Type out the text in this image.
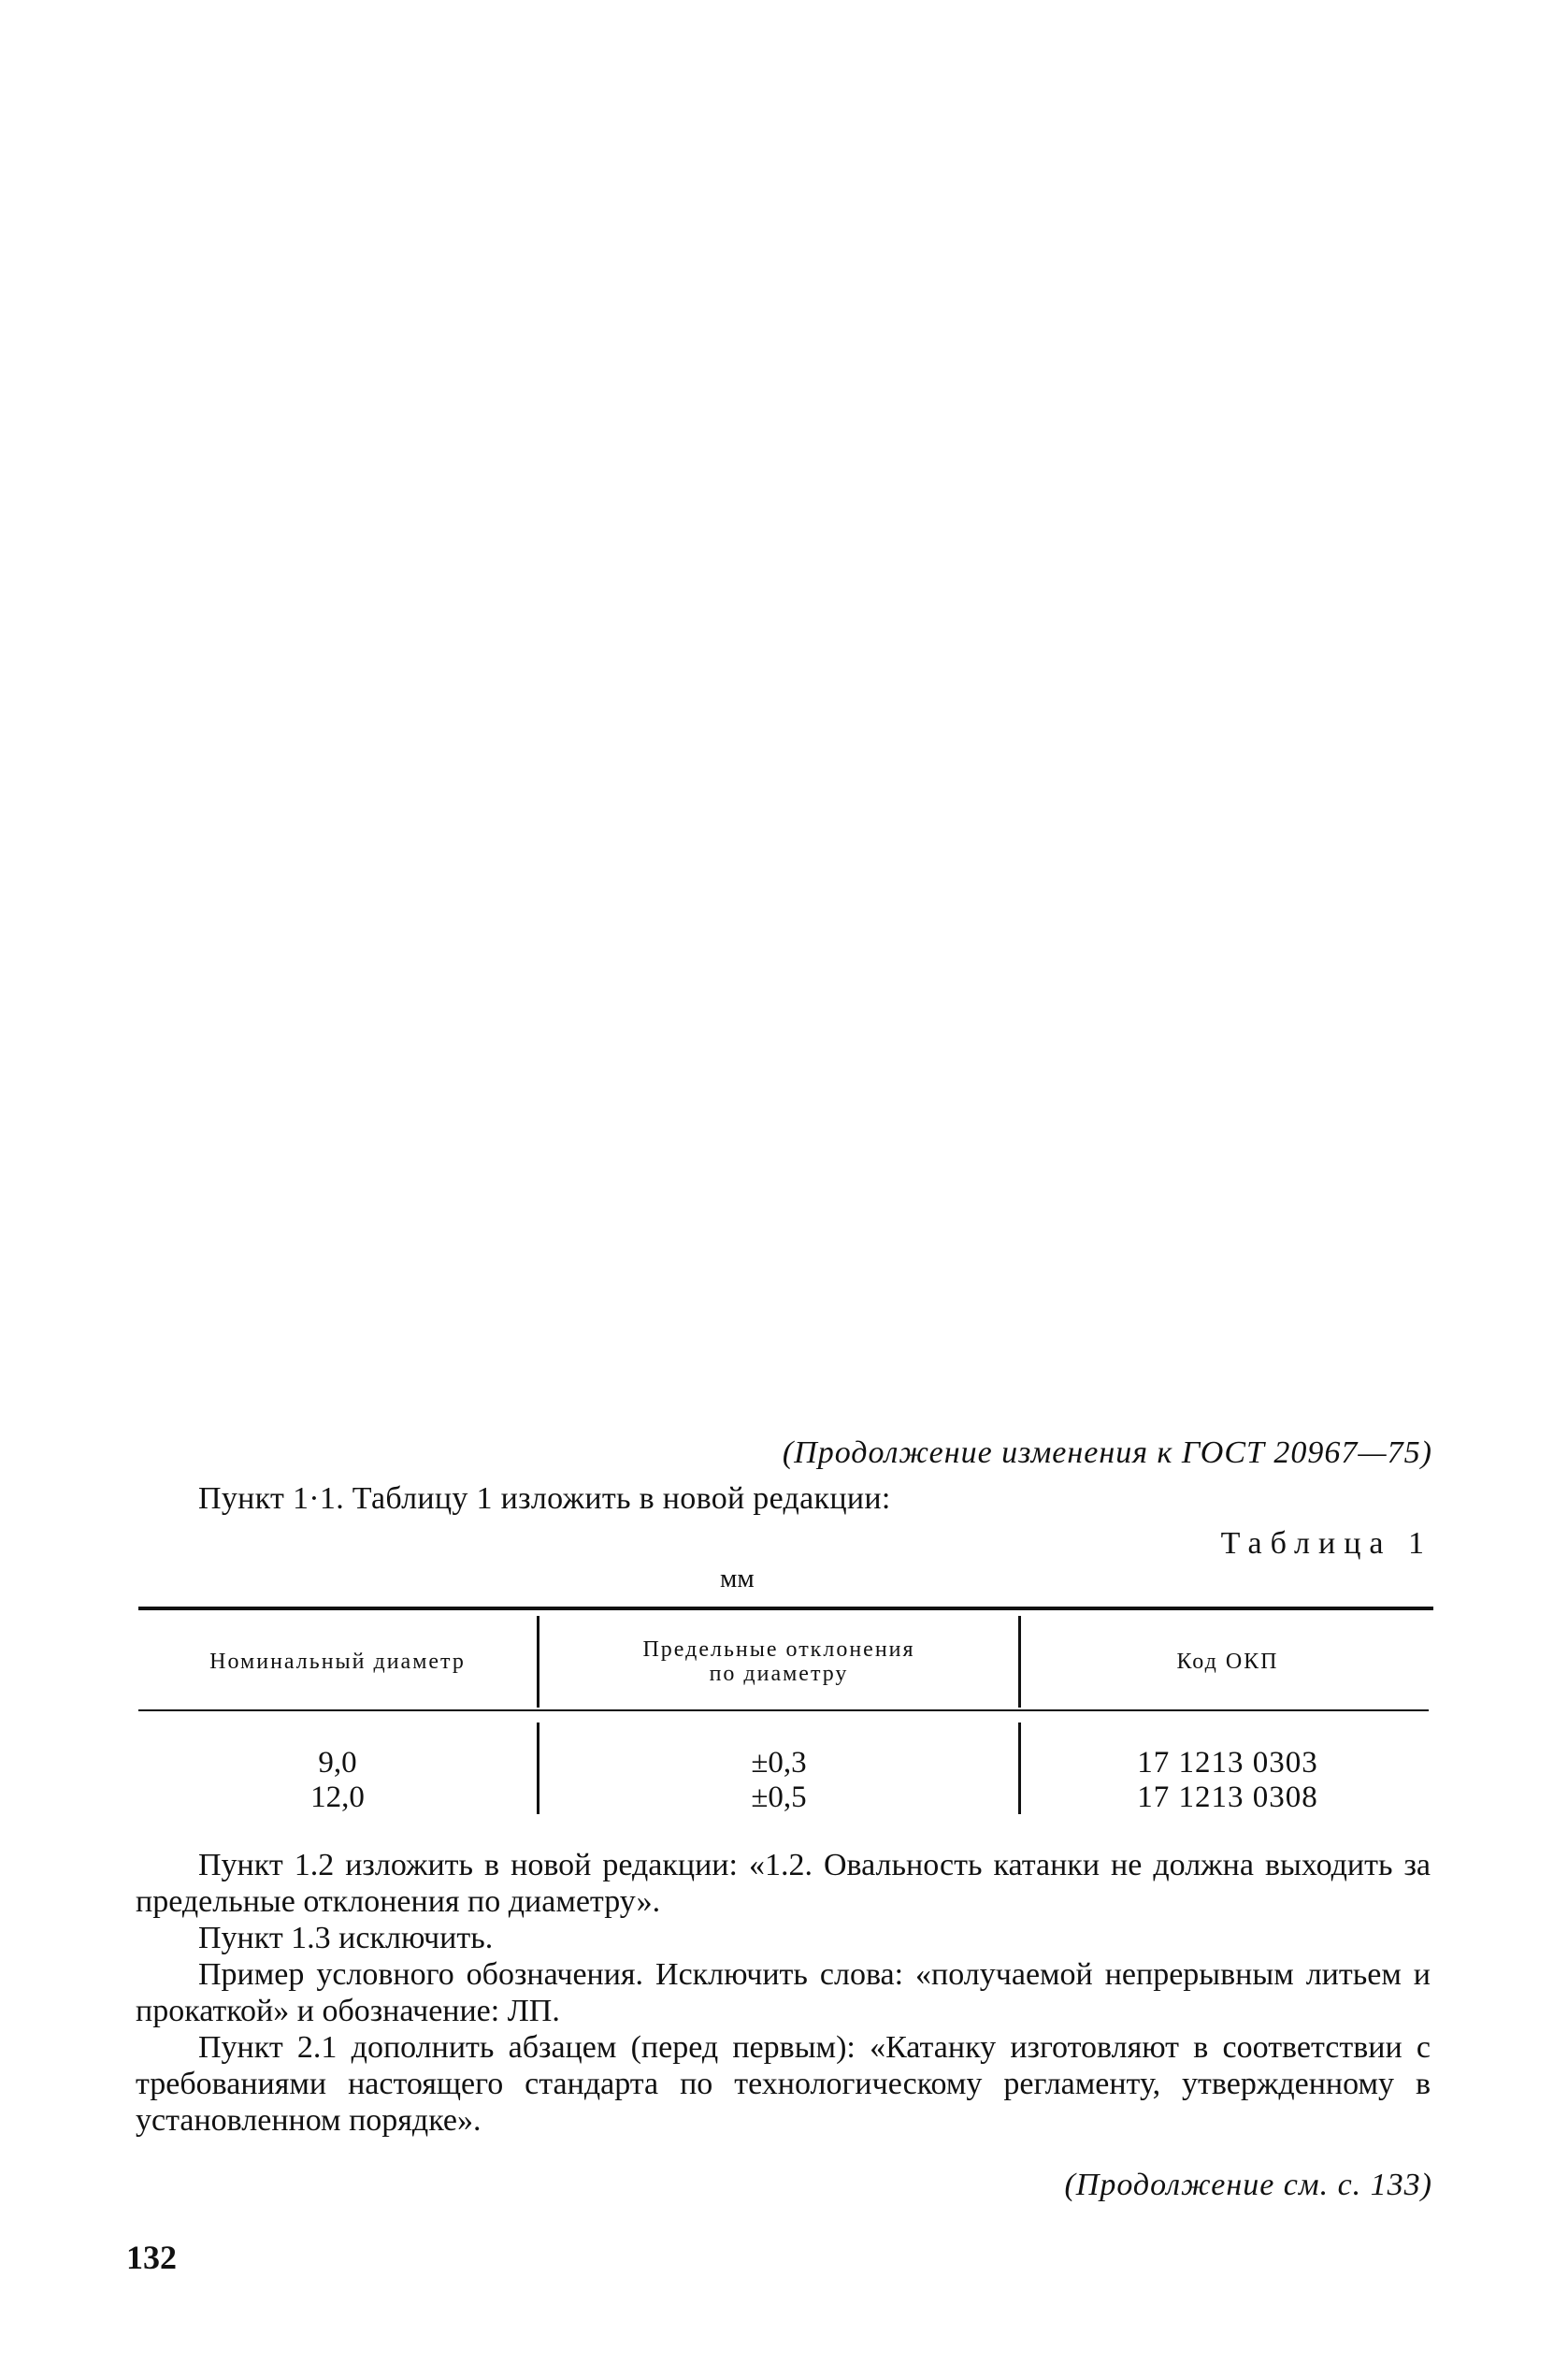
(Продолжение изменения к ГОСТ 20967—75)
Пункт 1·1. Таблицу 1 изложить в новой редакции:
Таблица 1
мм
Номинальный диаметр	Предельные отклонения
по диаметру	Код ОКП
9,0
12,0
±0,3
±0,5
17 1213 0303
17 1213 0308

Пункт 1.2 изложить в новой редакции: «1.2. Овальность катанки не должна выходить за предельные отклонения по диаметру».

Пункт 1.3 исключить.

Пример условного обозначения. Исключить слова: «получаемой непрерывным литьем и прокаткой» и обозначение: ЛП.

Пункт 2.1 дополнить абзацем (перед первым): «Катанку изготовляют в соответствии с требованиями настоящего стандарта по технологическому регламенту, утвержденному в установленном порядке».

(Продолжение см. с. 133)
132
